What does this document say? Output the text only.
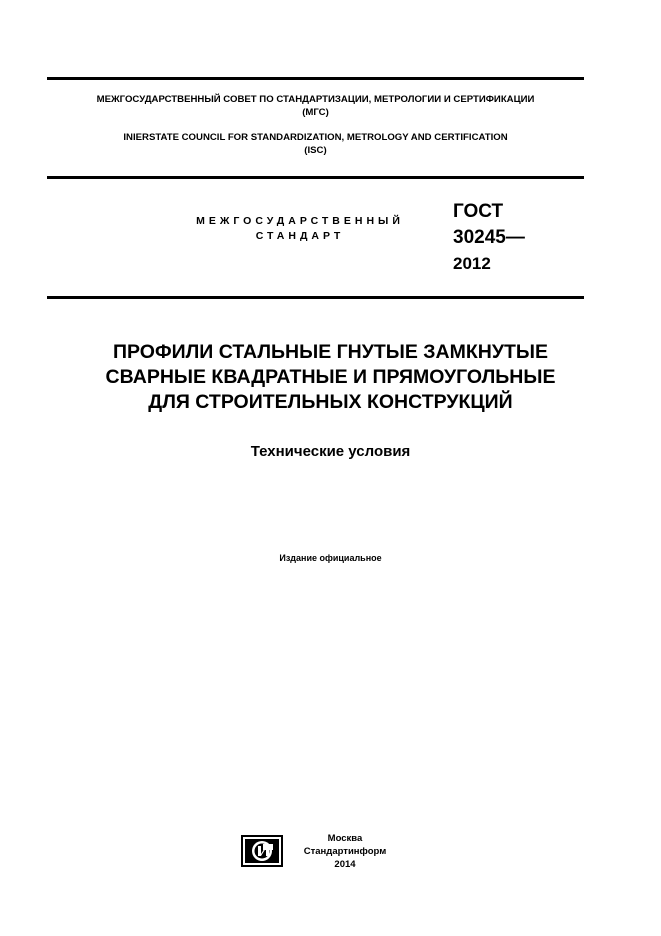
МЕЖГОСУДАРСТВЕННЫЙ СОВЕТ ПО СТАНДАРТИЗАЦИИ, МЕТРОЛОГИИ И СЕРТИФИКАЦИИ
(МГС)
INIERSTATE COUNCIL FOR STANDARDIZATION, METROLOGY AND CERTIFICATION
(ISC)
МЕЖГОСУДАРСТВЕННЫЙ
СТАНДАРТ
ГОСТ
30245—
2012
ПРОФИЛИ СТАЛЬНЫЕ ГНУТЫЕ ЗАМКНУТЫЕ
СВАРНЫЕ КВАДРАТНЫЕ И ПРЯМОУГОЛЬНЫЕ
ДЛЯ СТРОИТЕЛЬНЫХ КОНСТРУКЦИЙ
Технические условия
Издание официальное
Москва
Стандартинформ
2014
